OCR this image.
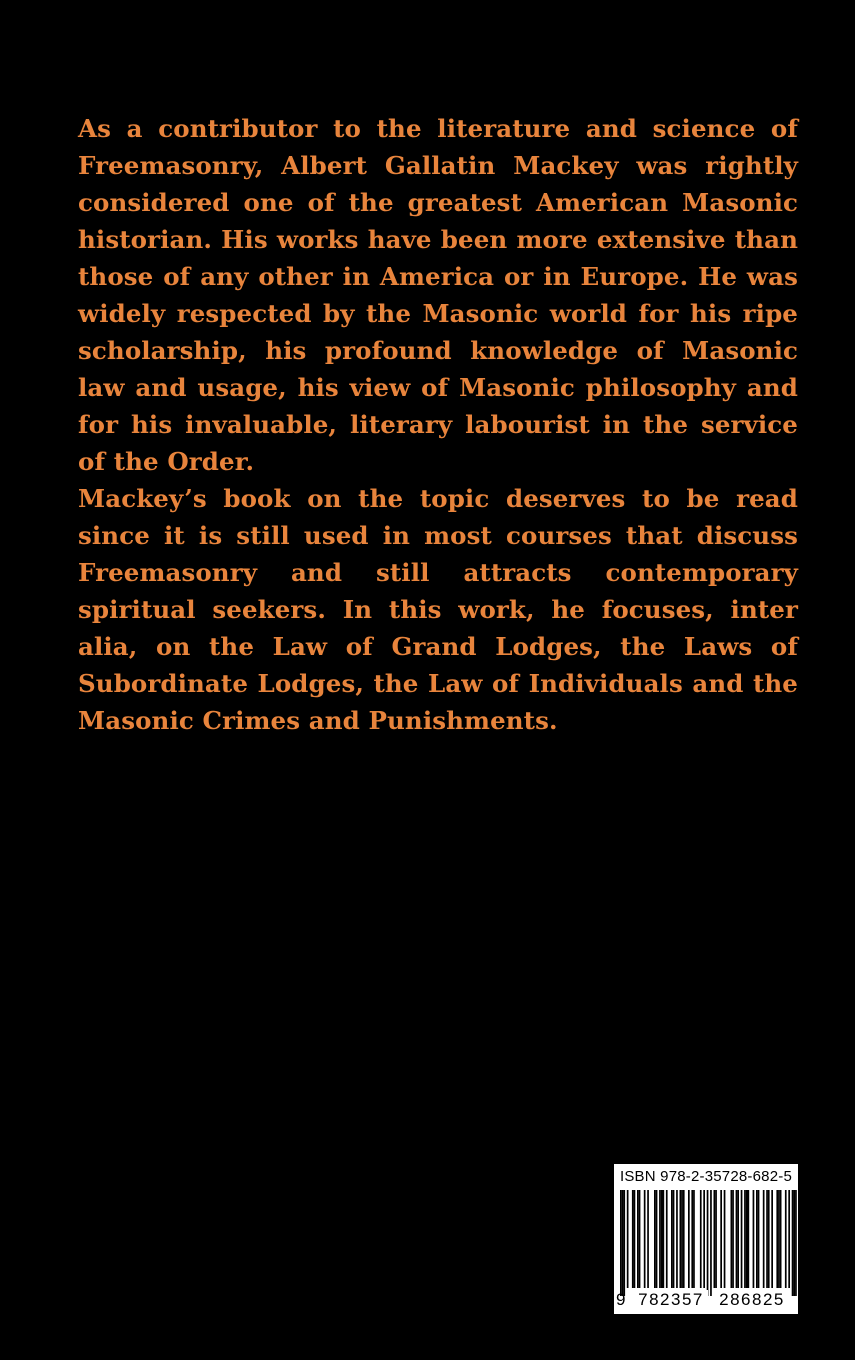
As a contributor to the literature and science of Freemasonry, Albert Gallatin Mackey was rightly considered one of the greatest American Masonic historian. His works have been more extensive than those of any other in America or in Europe. He was widely respected by the Masonic world for his ripe scholarship, his profound knowledge of Masonic law and usage, his view of Masonic philosophy and for his invaluable, literary labourist in the service of the Order.

Mackey’s book on the topic deserves to be read since it is still used in most courses that discuss Freemasonry and still attracts contemporary spiritual seekers. In this work, he focuses, inter alia, on the Law of Grand Lodges, the Laws of Subordinate Lodges, the Law of Individuals and the Masonic Crimes and Punishments.

ISBN 978-2-35728-682-5
9 782357 286825
